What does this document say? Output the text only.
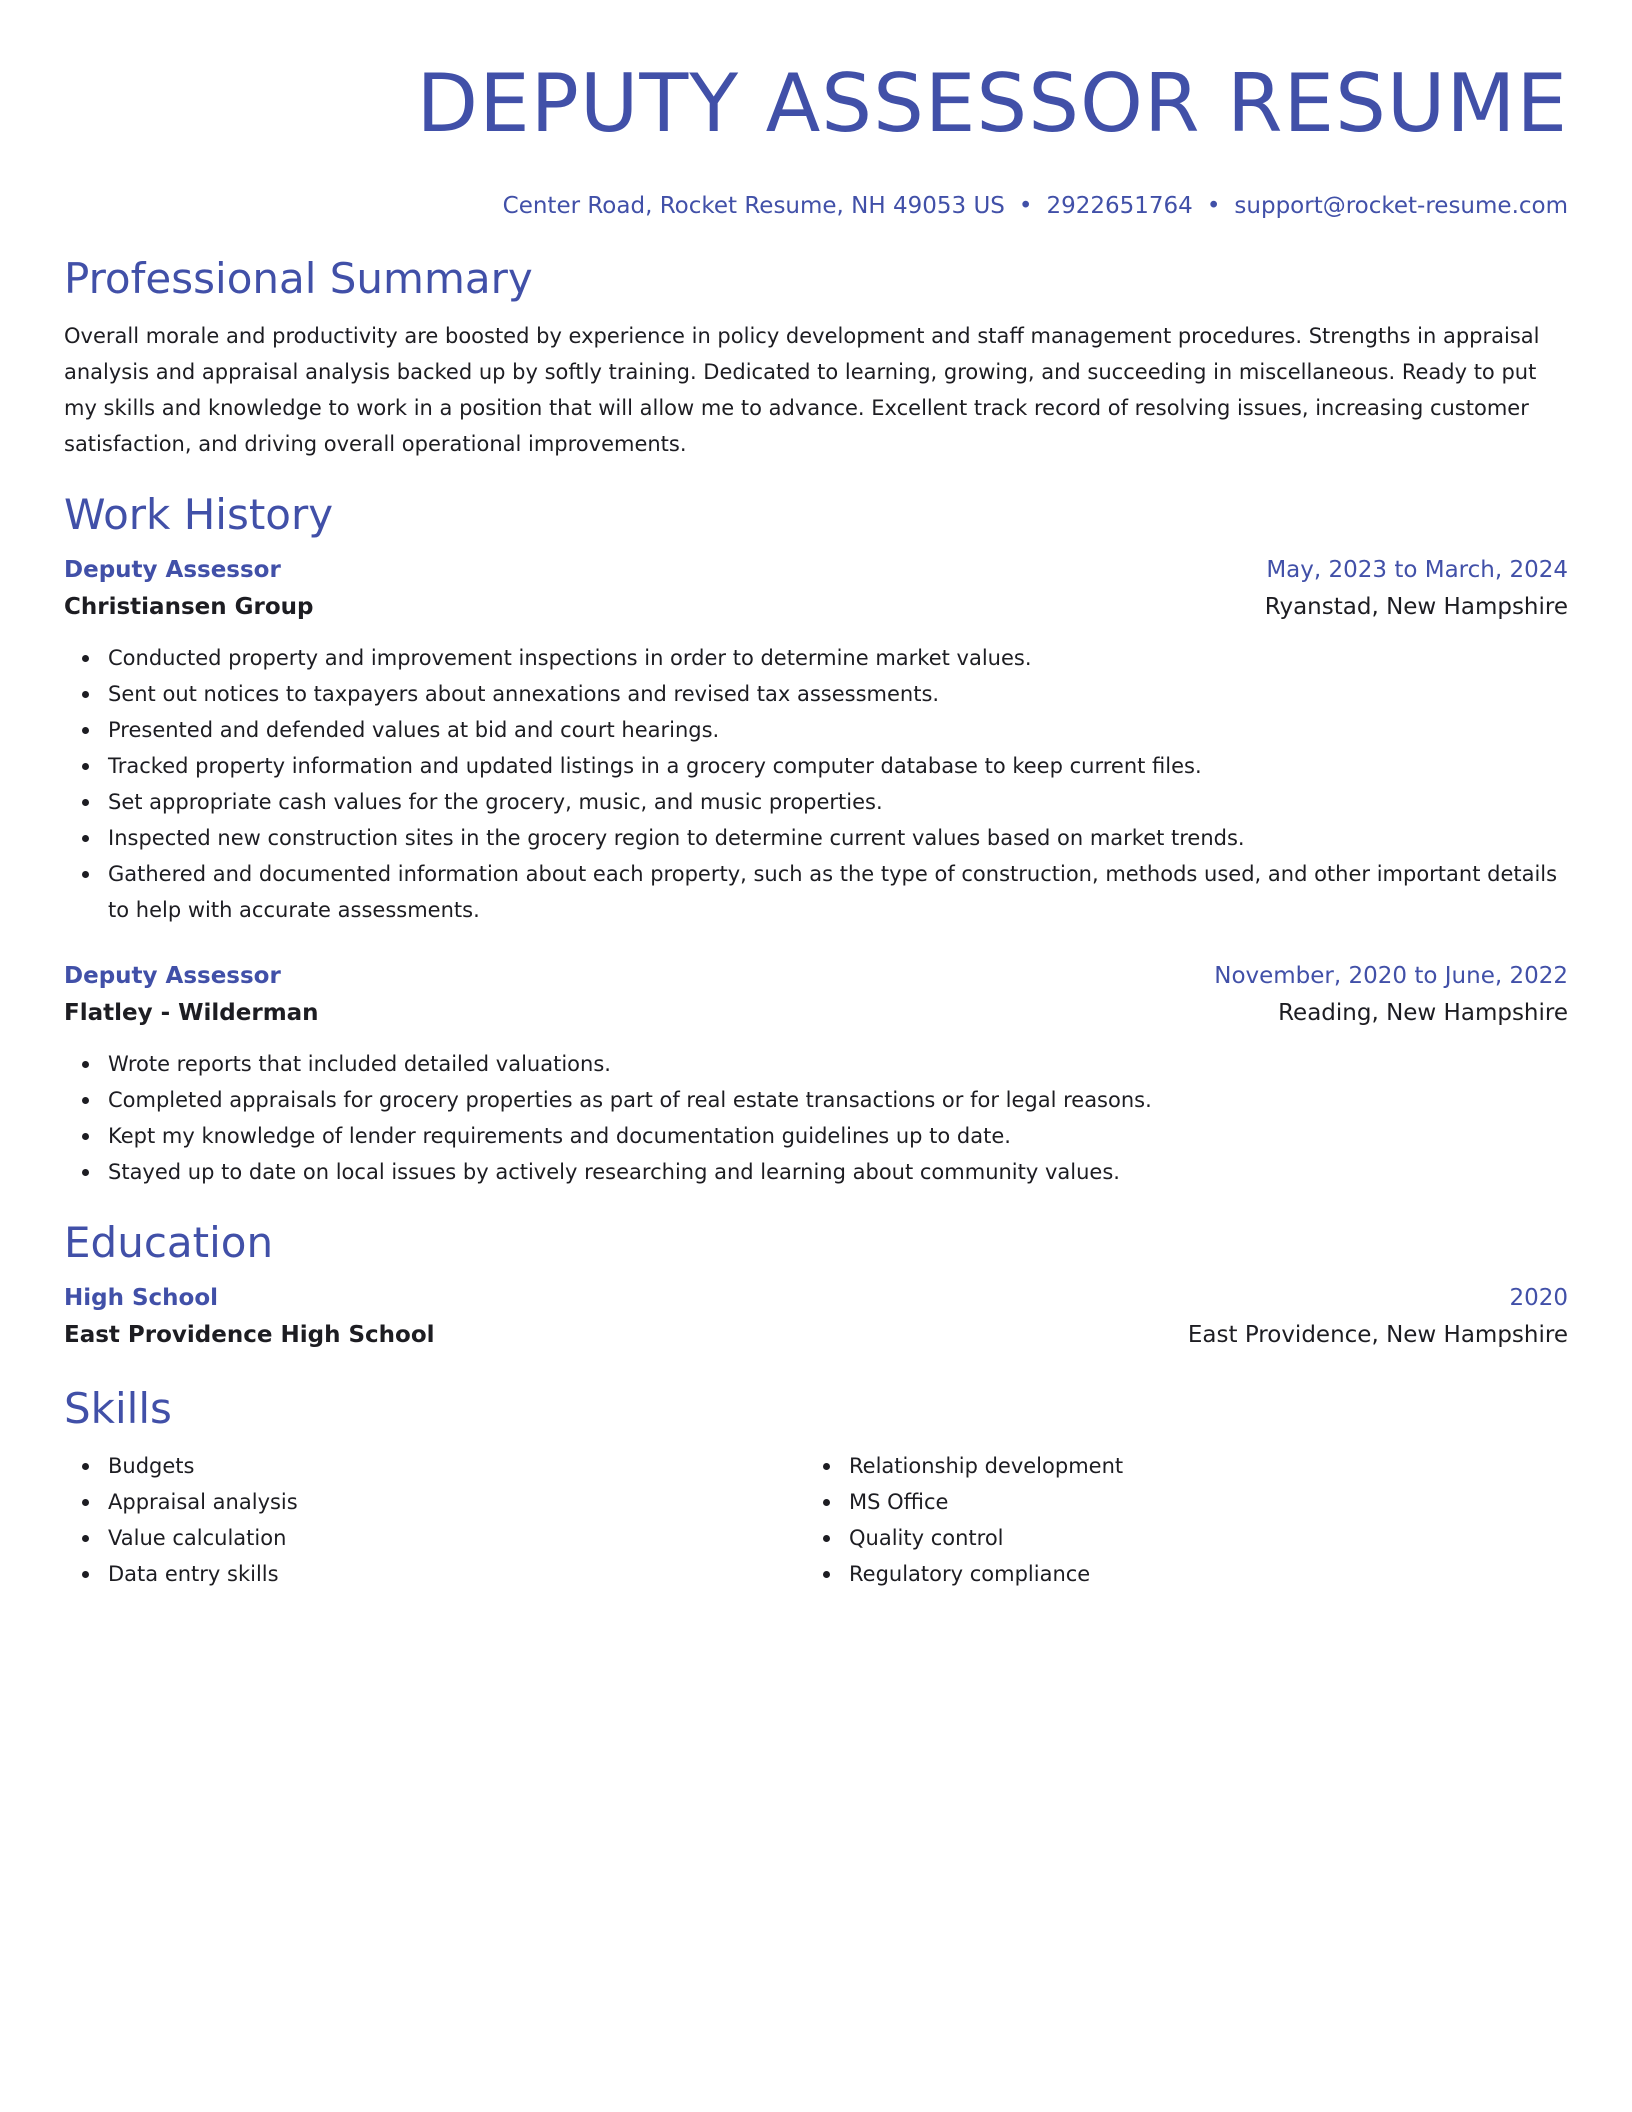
DEPUTY ASSESSOR RESUME
Center Road, Rocket Resume, NH 49053 US • 2922651764 • support@rocket-resume.com
Professional Summary
Overall morale and productivity are boosted by experience in policy development and staff management procedures. Strengths in appraisal analysis and appraisal analysis backed up by softly training. Dedicated to learning, growing, and succeeding in miscellaneous. Ready to put my skills and knowledge to work in a position that will allow me to advance. Excellent track record of resolving issues, increasing customer satisfaction, and driving overall operational improvements.
Work History
Deputy Assessor	May, 2023 to March, 2024
Christiansen Group	Ryanstad, New Hampshire
Conducted property and improvement inspections in order to determine market values.
Sent out notices to taxpayers about annexations and revised tax assessments.
Presented and defended values at bid and court hearings.
Tracked property information and updated listings in a grocery computer database to keep current files.
Set appropriate cash values for the grocery, music, and music properties.
Inspected new construction sites in the grocery region to determine current values based on market trends.
Gathered and documented information about each property, such as the type of construction, methods used, and other important details to help with accurate assessments.
Deputy Assessor	November, 2020 to June, 2022
Flatley - Wilderman	Reading, New Hampshire
Wrote reports that included detailed valuations.
Completed appraisals for grocery properties as part of real estate transactions or for legal reasons.
Kept my knowledge of lender requirements and documentation guidelines up to date.
Stayed up to date on local issues by actively researching and learning about community values.
Education
High School	2020
East Providence High School	East Providence, New Hampshire
Skills
Budgets
Appraisal analysis
Value calculation
Data entry skills
Relationship development
MS Office
Quality control
Regulatory compliance
